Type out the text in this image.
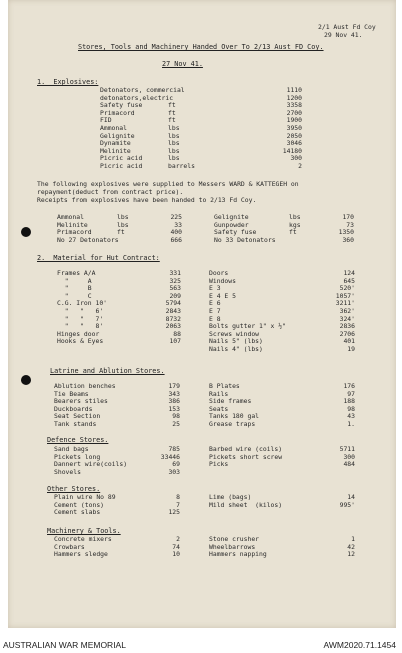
2/1 Aust Fd Coy
29 Nov 41.
Stores, Tools and Machinery Handed Over To 2/13 Aust FD Coy.
27 Nov 41.
1.  Explosives:
Detonators, commercial	1110
detonators,electric	1200
Safety fuse	ft	3358
Primacord	ft	2700
FID	ft	1900
Ammonal	lbs	3950
Gelignite	lbs	2050
Dynamite	lbs	3046
Melinite	lbs	14180
Picric acid	lbs	300
Picric acid	barrels	2
The following explosives were supplied to Messers WARD & KATTEGEH on
repayment(deduct from contract price).
Receipts from explosives have been handed to 2/13 Fd Coy.
Ammonal	lbs	225
Melinite	lbs	33
Primacord	ft	400
No 27 Detonators	666
Gelignite	lbs	170
Gunpowder	kgs	73
Safety fuse	ft	1350
No 33 Detonators	360
2.  Material for Hut Contract:
Frames A/A	331
"     A	325
"     B	563
"     C	209
C.G. Iron 10'	5794
"   "   6'	2843
"   "   7'	8732
"   "   8'	2063
Hinges door	88
Hooks & Eyes	107
Doors	124
Windows	645
E 3	520'
E 4 E 5	1057'
E 6	3211'
E 7	362'
E 8	324'
Bolts gutter 1" x ½"	2836
Screws window	2706
Nails 5" (lbs)	401
Nails 4" (lbs)	19
Latrine and Ablution Stores.
Ablution benches	179
Tie Beams	343
Bearers stiles	386
Duckboards	153
Seat Section	98
Tank stands	25
B Plates	176
Rails	97
Side frames	188
Seats	98
Tanks 180 gal	43
Grease traps	1.
Defence Stores.
Sand bags	785
Pickets long	33446
Dannert wire(coils)	69
Shovels	303
Barbed wire (coils)	5711
Pickets short screw	300
Picks	484
Other Stores.
Plain wire No 89	8
Cement (tons)	7
Cement slabs	125
Lime (bags)	14
Mild sheet  (kilos)	995'
Machinery & Tools.
Concrete mixers	2
Crowbars	74
Hammers sledge	10
Stone crusher	1
Wheelbarrows	42
Hammers napping	12
AUSTRALIAN WAR MEMORIAL	AWM2020.71.1454
